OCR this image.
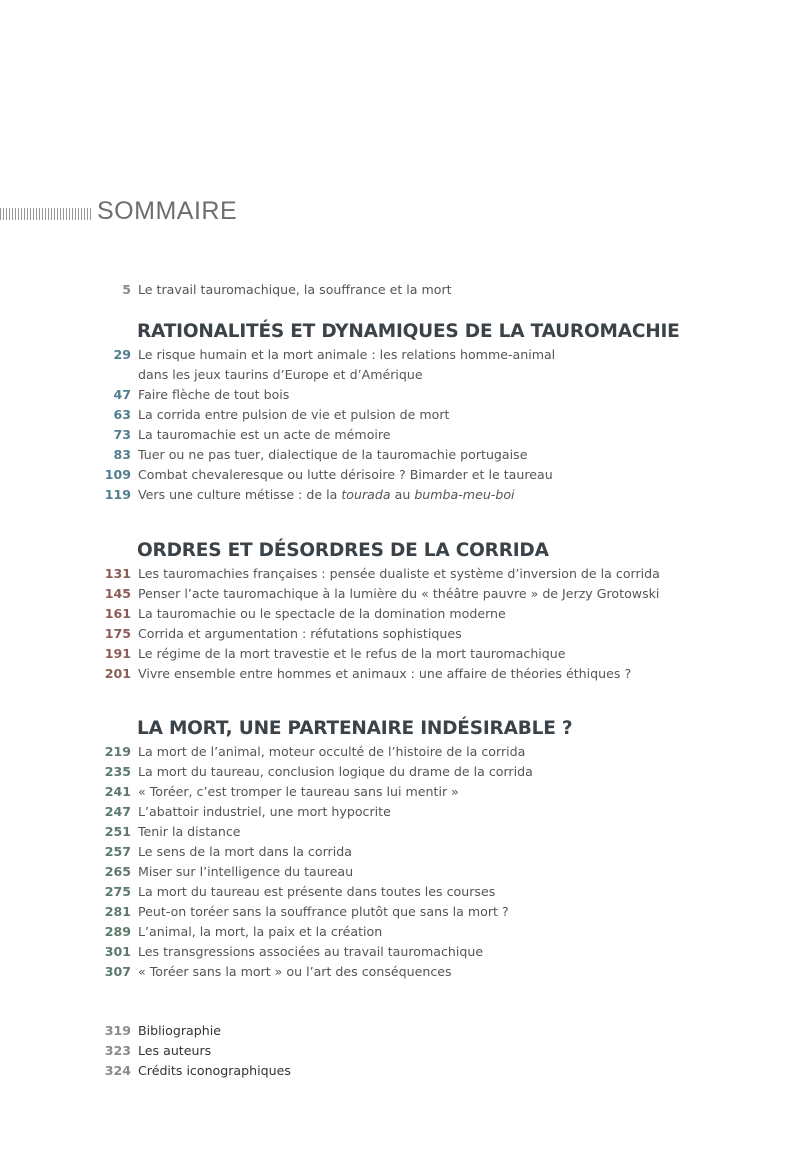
SOMMAIRE
5 Le travail tauromachique, la souffrance et la mort
RATIONALITÉS ET DYNAMIQUES DE LA TAUROMACHIE
29 Le risque humain et la mort animale : les relations homme-animal
dans les jeux taurins d’Europe et d’Amérique
47 Faire flèche de tout bois
63 La corrida entre pulsion de vie et pulsion de mort
73 La tauromachie est un acte de mémoire
83 Tuer ou ne pas tuer, dialectique de la tauromachie portugaise
109 Combat chevaleresque ou lutte dérisoire ? Bimarder et le taureau
119 Vers une culture métisse : de la tourada au bumba-meu-boi
ORDRES ET DÉSORDRES DE LA CORRIDA
131 Les tauromachies françaises : pensée dualiste et système d’inversion de la corrida
145 Penser l’acte tauromachique à la lumière du « théâtre pauvre » de Jerzy Grotowski
161 La tauromachie ou le spectacle de la domination moderne
175 Corrida et argumentation : réfutations sophistiques
191 Le régime de la mort travestie et le refus de la mort tauromachique
201 Vivre ensemble entre hommes et animaux : une affaire de théories éthiques ?
LA MORT, UNE PARTENAIRE INDÉSIRABLE ?
219 La mort de l’animal, moteur occulté de l’histoire de la corrida
235 La mort du taureau, conclusion logique du drame de la corrida
241 « Toréer, c’est tromper le taureau sans lui mentir »
247 L’abattoir industriel, une mort hypocrite
251 Tenir la distance
257 Le sens de la mort dans la corrida
265 Miser sur l’intelligence du taureau
275 La mort du taureau est présente dans toutes les courses
281 Peut-on toréer sans la souffrance plutôt que sans la mort ?
289 L’animal, la mort, la paix et la création
301 Les transgressions associées au travail tauromachique
307 « Toréer sans la mort » ou l’art des conséquences
319 Bibliographie
323 Les auteurs
324 Crédits iconographiques
